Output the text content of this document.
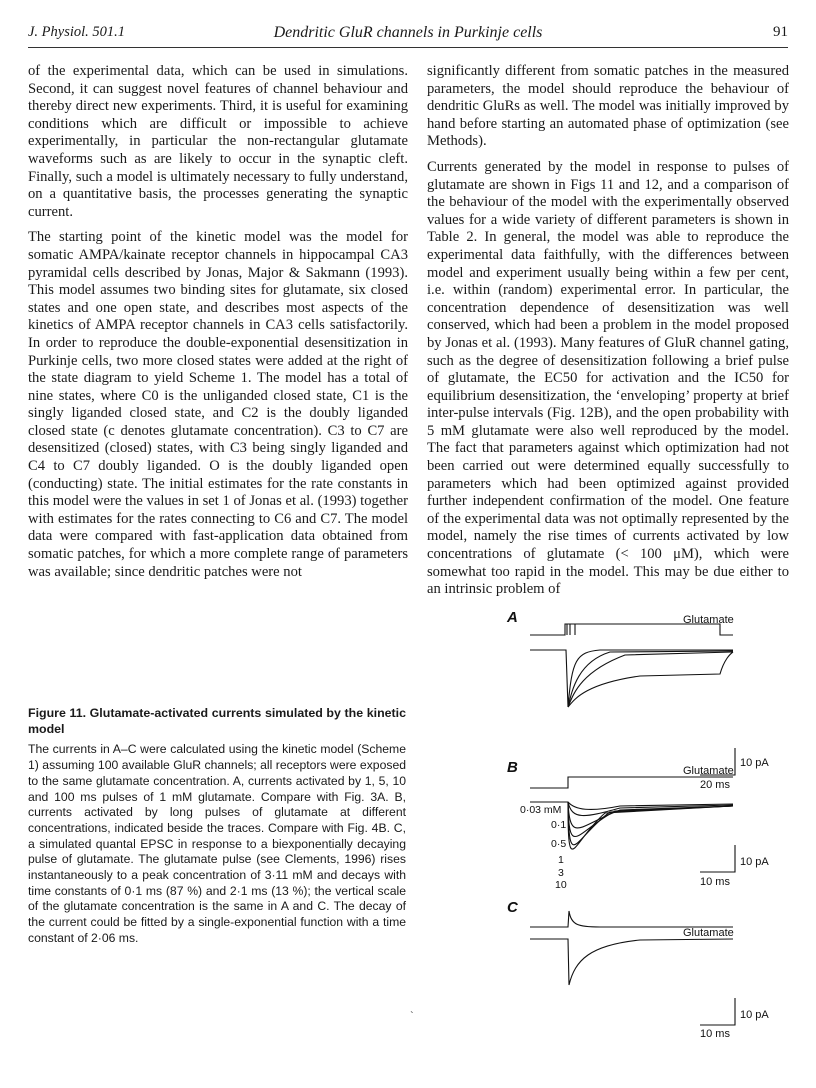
J. Physiol. 501.1	Dendritic GluR channels in Purkinje cells	91

of the experimental data, which can be used in simulations. Second, it can suggest novel features of channel behaviour and thereby direct new experiments. Third, it is useful for examining conditions which are difficult or impossible to achieve experimentally, in particular the non-rectangular glutamate waveforms such as are likely to occur in the synaptic cleft. Finally, such a model is ultimately necessary to fully understand, on a quantitative basis, the processes generating the synaptic current.

The starting point of the kinetic model was the model for somatic AMPA/kainate receptor channels in hippocampal CA3 pyramidal cells described by Jonas, Major & Sakmann (1993). This model assumes two binding sites for glutamate, six closed states and one open state, and describes most aspects of the kinetics of AMPA receptor channels in CA3 cells satisfactorily. In order to reproduce the double-exponential desensitization in Purkinje cells, two more closed states were added at the right of the state diagram to yield Scheme 1. The model has a total of nine states, where C0 is the unliganded closed state, C1 is the singly liganded closed state, and C2 is the doubly liganded closed state (c denotes glutamate concentration). C3 to C7 are desensitized (closed) states, with C3 being singly liganded and C4 to C7 doubly liganded. O is the doubly liganded open (conducting) state. The initial estimates for the rate constants in this model were the values in set 1 of Jonas et al. (1993) together with estimates for the rates connecting to C6 and C7. The model data were compared with fast-application data obtained from somatic patches, for which a more complete range of parameters was available; since dendritic patches were not

significantly different from somatic patches in the measured parameters, the model should reproduce the behaviour of dendritic GluRs as well. The model was initially improved by hand before starting an automated phase of optimization (see Methods).

Currents generated by the model in response to pulses of glutamate are shown in Figs 11 and 12, and a comparison of the behaviour of the model with the experimentally observed values for a wide variety of different parameters is shown in Table 2. In general, the model was able to reproduce the experimental data faithfully, with the differences between model and experiment usually being within a few per cent, i.e. within (random) experimental error. In particular, the concentration dependence of desensitization was well conserved, which had been a problem in the model proposed by Jonas et al. (1993). Many features of GluR channel gating, such as the degree of desensitization following a brief pulse of glutamate, the EC50 for activation and the IC50 for equilibrium desensitization, the ‘enveloping’ property at brief inter-pulse intervals (Fig. 12B), and the open probability with 5 mM glutamate were also well reproduced by the model. The fact that parameters against which optimization had not been carried out were determined equally successfully to parameters which had been optimized against provided further independent confirmation of the model. One feature of the experimental data was not optimally represented by the model, namely the rise times of currents activated by low concentrations of glutamate (< 100 μM), which were somewhat too rapid in the model. This may be due either to an intrinsic problem of

Figure 11. Glutamate-activated currents simulated by the kinetic model

The currents in A–C were calculated using the kinetic model (Scheme 1) assuming 100 available GluR channels; all receptors were exposed to the same glutamate concentration. A, currents activated by 1, 5, 10 and 100 ms pulses of 1 mM glutamate. Compare with Fig. 3A. B, currents activated by long pulses of glutamate at different concentrations, indicated beside the traces. Compare with Fig. 4B. C, a simulated quantal EPSC in response to a biexponentially decaying pulse of glutamate. The glutamate pulse (see Clements, 1996) rises instantaneously to a peak concentration of 3·11 mM and decays with time constants of 0·1 ms (87 %) and 2·1 ms (13 %); the vertical scale of the glutamate concentration is the same in A and C. The decay of the current could be fitted by a single-exponential function with a time constant of 2·06 ms.

`
A	Glutamate
10 pA
20 ms
B	Glutamate
0·03 mM
0·1
0·5
1
3
10
10 pA
10 ms
C
Glutamate
10 pA
10 ms
